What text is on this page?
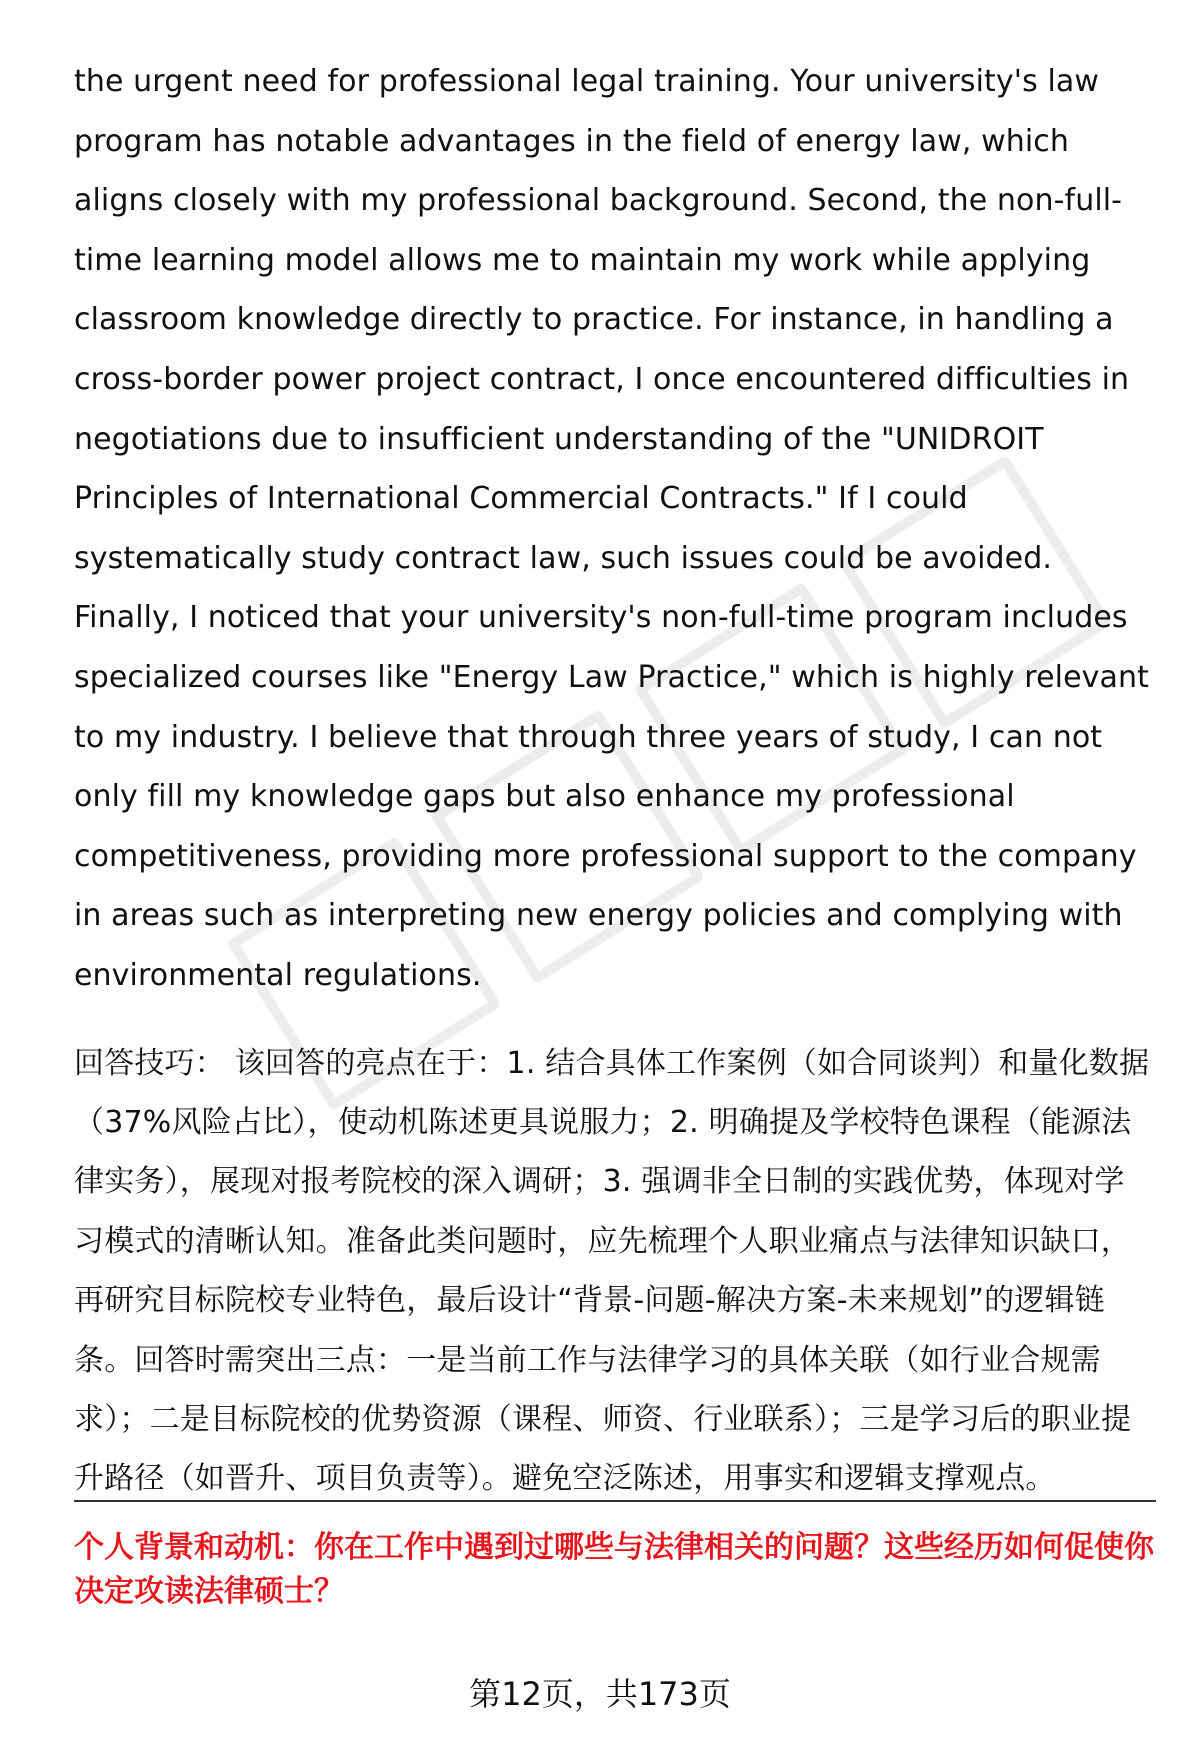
the urgent need for professional legal training. Your university's law program has notable advantages in the field of energy law, which aligns closely with my professional background. Second, the non-full-time learning model allows me to maintain my work while applying classroom knowledge directly to practice. For instance, in handling a cross-border power project contract, I once encountered difficulties in negotiations due to insufficient understanding of the "UNIDROIT Principles of International Commercial Contracts." If I could systematically study contract law, such issues could be avoided. Finally, I noticed that your university's non-full-time program includes specialized courses like "Energy Law Practice," which is highly relevant to my industry. I believe that through three years of study, I can not only fill my knowledge gaps but also enhance my professional competitiveness, providing more professional support to the company in areas such as interpreting new energy policies and complying with environmental regulations.

回答技巧： 该回答的亮点在于：1. 结合具体工作案例（如合同谈判）和量化数据（37%风险占比），使动机陈述更具说服力；2. 明确提及学校特色课程（能源法律实务），展现对报考院校的深入调研；3. 强调非全日制的实践优势，体现对学习模式的清晰认知。准备此类问题时，应先梳理个人职业痛点与法律知识缺口，再研究目标院校专业特色，最后设计“背景-问题-解决方案-未来规划”的逻辑链条。回答时需突出三点：一是当前工作与法律学习的具体关联（如行业合规需求）；二是目标院校的优势资源（课程、师资、行业联系）；三是学习后的职业提升路径（如晋升、项目负责等）。避免空泛陈述，用事实和逻辑支撑观点。

个人背景和动机：你在工作中遇到过哪些与法律相关的问题？这些经历如何促使你决定攻读法律硕士？

第12页，共173页
